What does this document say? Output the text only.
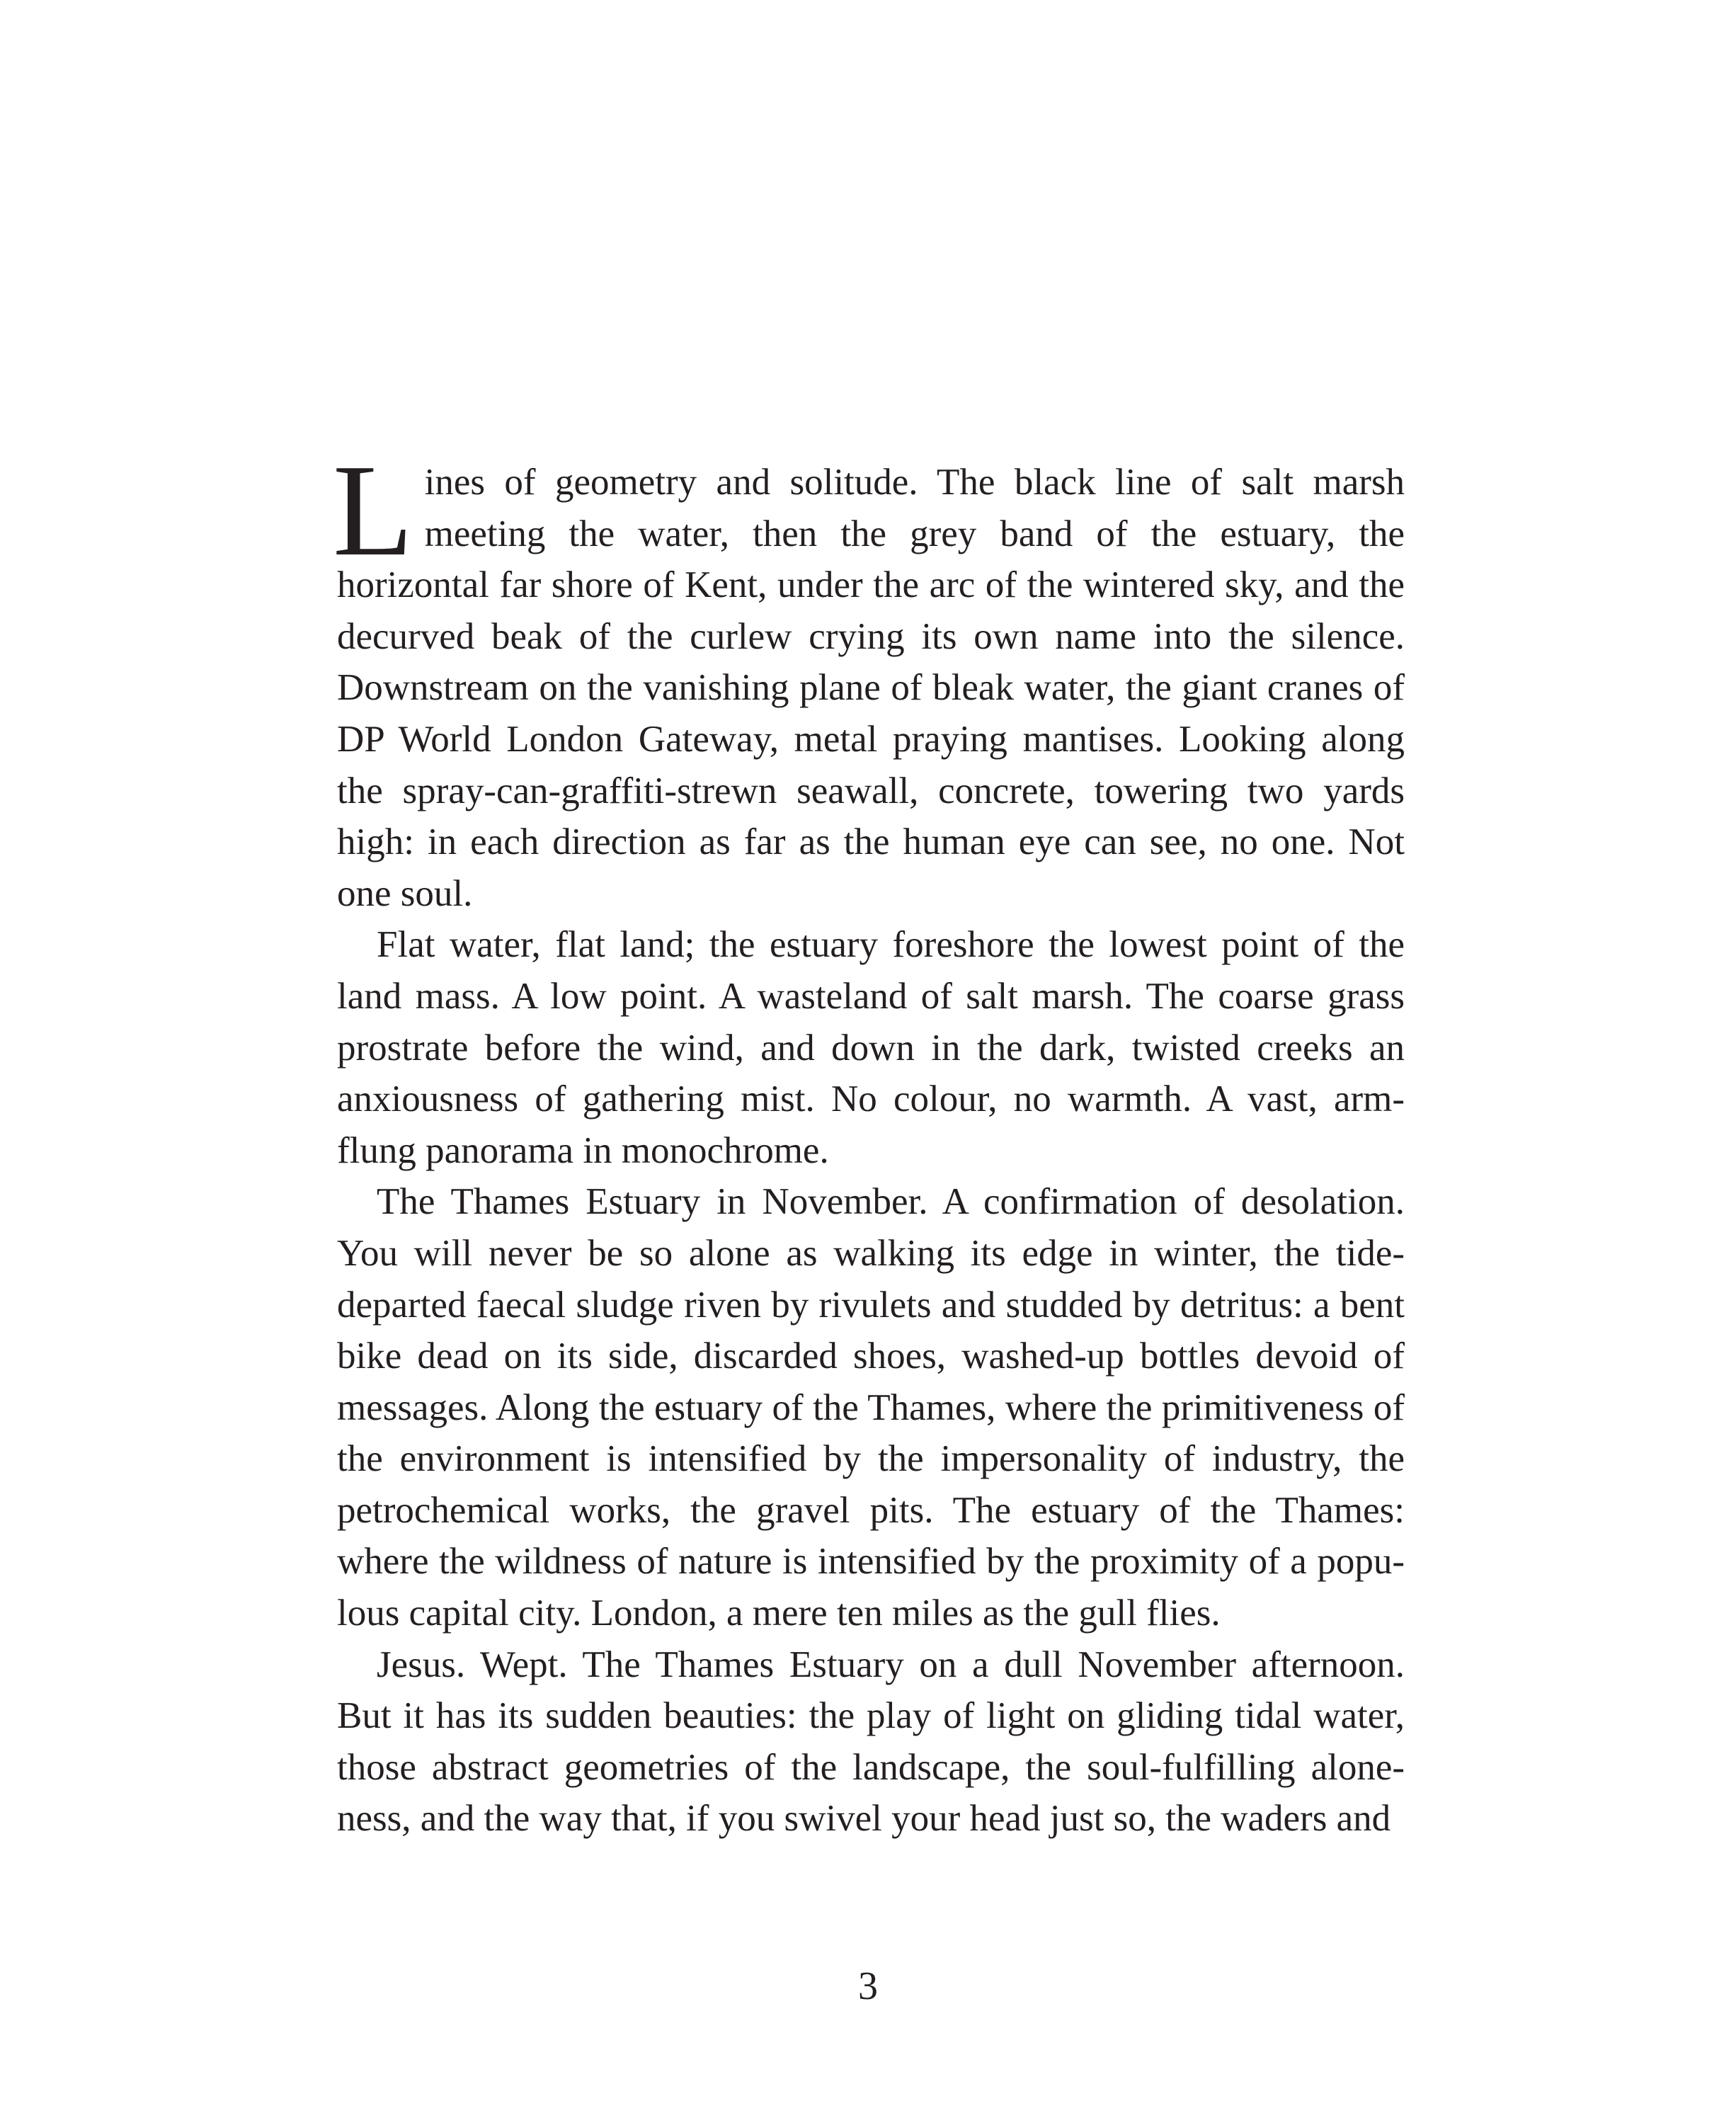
Lines of geometry and solitude. The black line of salt marsh meeting the water, then the grey band of the estuary, the horizontal far shore of Kent, under the arc of the wintered sky, and the decurved beak of the curlew crying its own name into the silence. Downstream on the vanishing plane of bleak water, the giant cranes of DP World London Gateway, metal praying mantises. Looking along the spray-can-graffiti-strewn seawall, concrete, towering two yards high: in each direction as far as the human eye can see, no one. Not one soul.

Flat water, flat land; the estuary foreshore the lowest point of the land mass. A low point. A wasteland of salt marsh. The coarse grass prostrate before the wind, and down in the dark, twisted creeks an anxiousness of gathering mist. No colour, no warmth. A vast, arm-flung panorama in monochrome.

The Thames Estuary in November. A confirmation of desolation. You will never be so alone as walking its edge in winter, the tide-departed faecal sludge riven by rivulets and studded by detritus: a bent bike dead on its side, discarded shoes, washed-up bottles devoid of messages. Along the estuary of the Thames, where the primitiveness of the environment is intensified by the impersonality of industry, the petrochemical works, the gravel pits. The estuary of the Thames: where the wildness of nature is intensified by the proximity of a populous capital city. London, a mere ten miles as the gull flies.

Jesus. Wept. The Thames Estuary on a dull November afternoon. But it has its sudden beauties: the play of light on gliding tidal water, those abstract geometries of the landscape, the soul-fulfilling aloneness, and the way that, if you swivel your head just so, the waders and

3
